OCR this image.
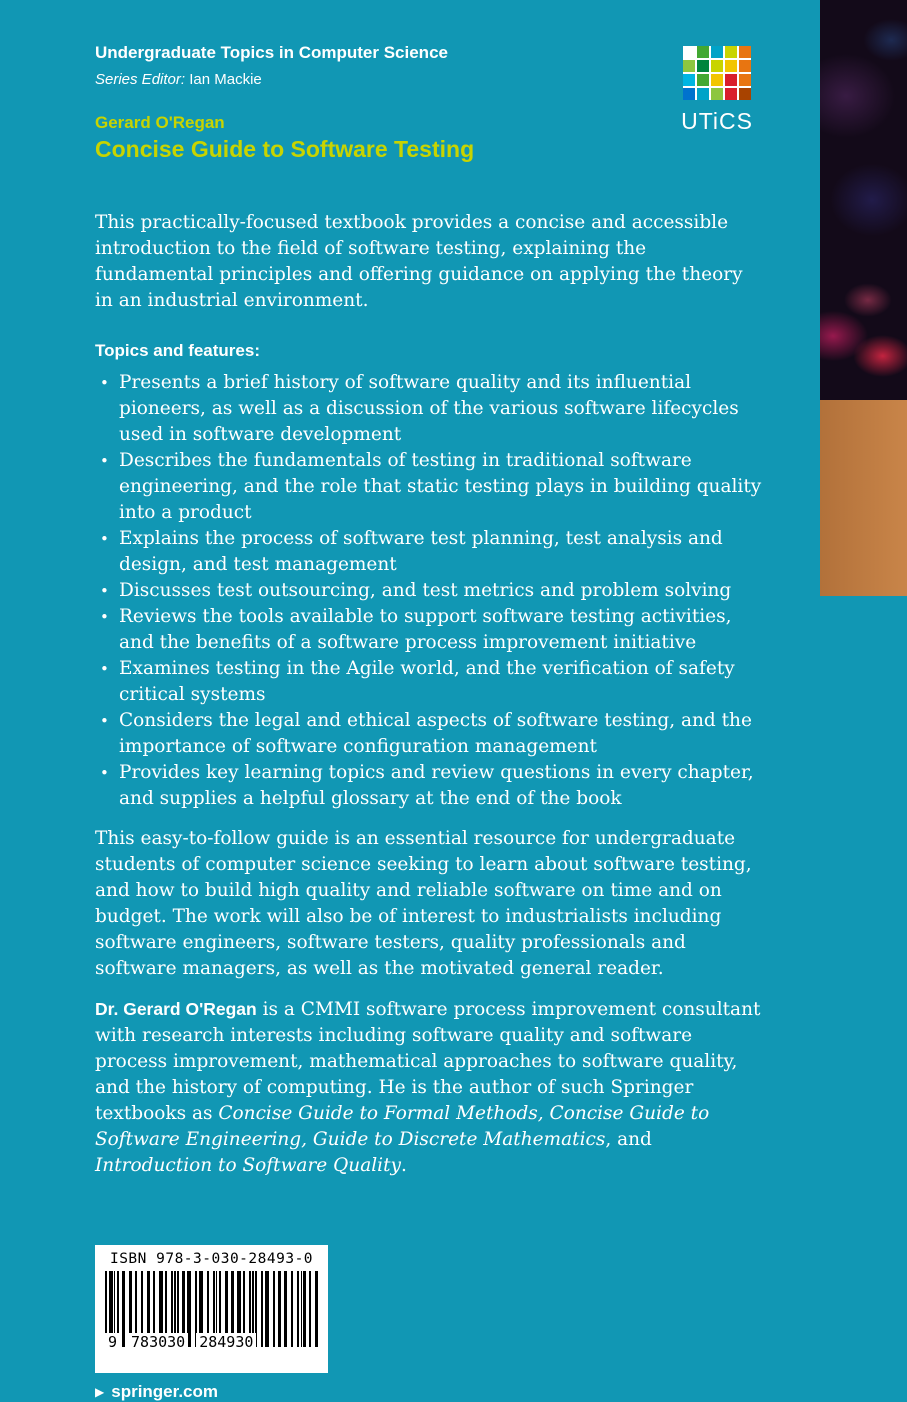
Undergraduate Topics in Computer Science
Series Editor: Ian Mackie
Gerard O'Regan
Concise Guide to Software Testing
UTiCS

This practically-focused textbook provides a concise and accessible introduction to the field of software testing, explaining the fundamental principles and offering guidance on applying the theory in an industrial environment.

Topics and features:
• Presents a brief history of software quality and its influential pioneers, as well as a discussion of the various software lifecycles used in software development
• Describes the fundamentals of testing in traditional software engineering, and the role that static testing plays in building quality into a product
• Explains the process of software test planning, test analysis and design, and test management
• Discusses test outsourcing, and test metrics and problem solving
• Reviews the tools available to support software testing activities, and the benefits of a software process improvement initiative
• Examines testing in the Agile world, and the verification of safety critical systems
• Considers the legal and ethical aspects of software testing, and the importance of software configuration management
• Provides key learning topics and review questions in every chapter, and supplies a helpful glossary at the end of the book

This easy-to-follow guide is an essential resource for undergraduate students of computer science seeking to learn about software testing, and how to build high quality and reliable software on time and on budget. The work will also be of interest to industrialists including software engineers, software testers, quality professionals and software managers, as well as the motivated general reader.

Dr. Gerard O'Regan is a CMMI software process improvement consultant with research interests including software quality and software process improvement, mathematical approaches to software quality, and the history of computing. He is the author of such Springer textbooks as Concise Guide to Formal Methods, Concise Guide to Software Engineering, Guide to Discrete Mathematics, and Introduction to Software Quality.

ISBN 978-3-030-28493-0
9 783030 284930
▶ springer.com
